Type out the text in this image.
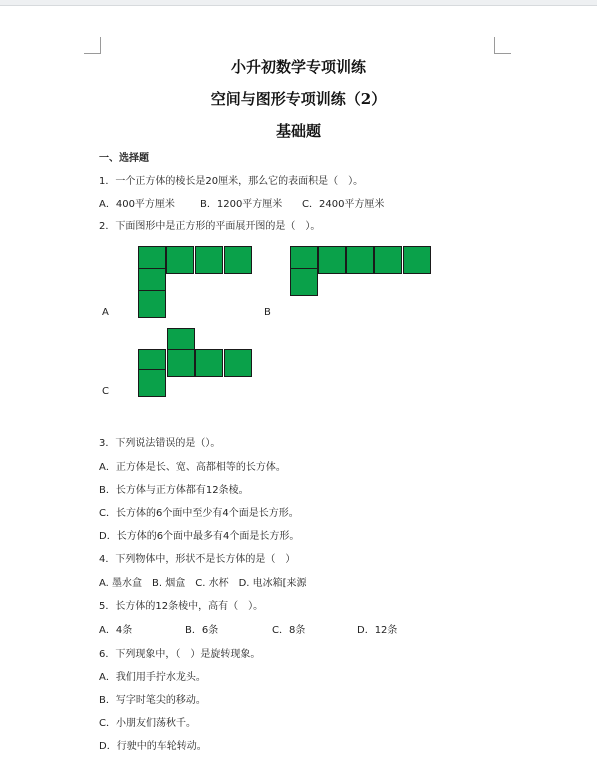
小升初数学专项训练
空间与图形专项训练（2）
基础题
一、选择题
1．一个正方体的棱长是20厘米，那么它的表面积是（　）。
A．400平方厘米	B．1200平方厘米 C．2400平方厘米
2．下面图形中是正方形的平面展开图的是（　）。
A	B
C
3．下列说法错误的是（）。
A．正方体是长、宽、高都相等的长方体。
B．长方体与正方体都有12条棱。
C．长方体的6个面中至少有4个面是长方形。
D．长方体的6个面中最多有4个面是长方形。
4．下列物体中，形状不是长方体的是（　）
A. 墨水盒　B. 烟盒　C. 水杯　D. 电冰箱[来源
5．长方体的12条棱中，高有（　）。
A．4条	B．6条	C．8条	D．12条
6．下列现象中，（　）是旋转现象。
A．我们用手拧水龙头。
B．写字时笔尖的移动。
C．小朋友们荡秋千。
D．行驶中的车轮转动。
